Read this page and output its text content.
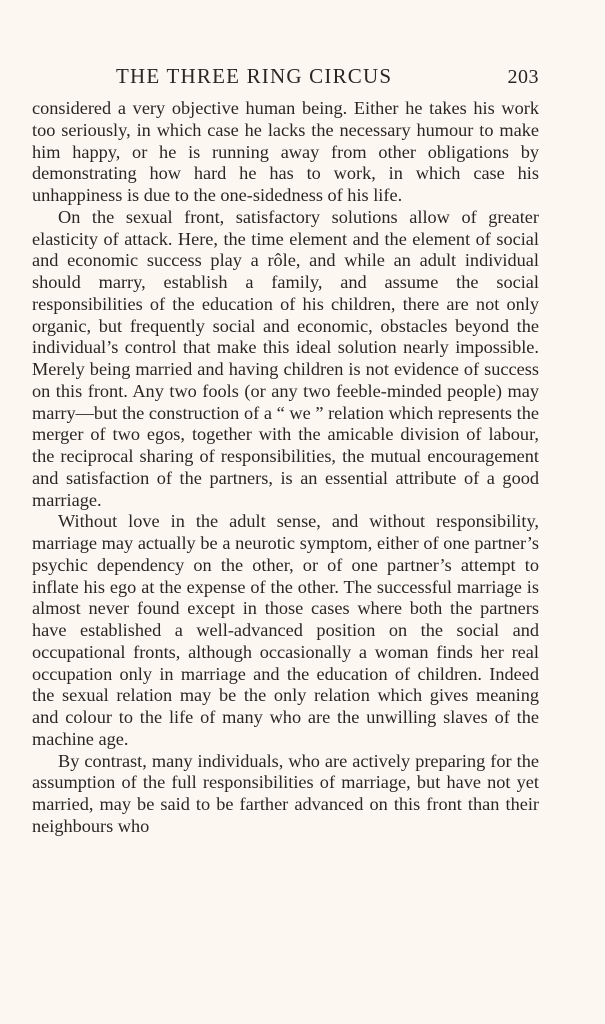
THE THREE RING CIRCUS	203

considered a very objective human being. Either he takes his work too seriously, in which case he lacks the necessary humour to make him happy, or he is running away from other obligations by demonstrating how hard he has to work, in which case his unhappiness is due to the one-sidedness of his life.

On the sexual front, satisfactory solutions allow of greater elasticity of attack. Here, the time element and the element of social and economic success play a rôle, and while an adult individual should marry, establish a family, and assume the social responsibilities of the education of his children, there are not only organic, but frequently social and economic, obstacles beyond the individual’s control that make this ideal solution nearly impossible. Merely being married and having children is not evidence of success on this front. Any two fools (or any two feeble-minded people) may marry—but the construction of a “ we ” relation which represents the merger of two egos, together with the amicable division of labour, the reciprocal sharing of responsibilities, the mutual encouragement and satisfaction of the partners, is an essential attribute of a good marriage.

Without love in the adult sense, and without responsibility, marriage may actually be a neurotic symptom, either of one partner’s psychic dependency on the other, or of one partner’s attempt to inflate his ego at the expense of the other. The successful marriage is almost never found except in those cases where both the partners have established a well-advanced position on the social and occupational fronts, although occasionally a woman finds her real occupation only in marriage and the education of children. Indeed the sexual relation may be the only relation which gives meaning and colour to the life of many who are the unwilling slaves of the machine age.

By contrast, many individuals, who are actively preparing for the assumption of the full responsibilities of marriage, but have not yet married, may be said to be farther advanced on this front than their neighbours who
